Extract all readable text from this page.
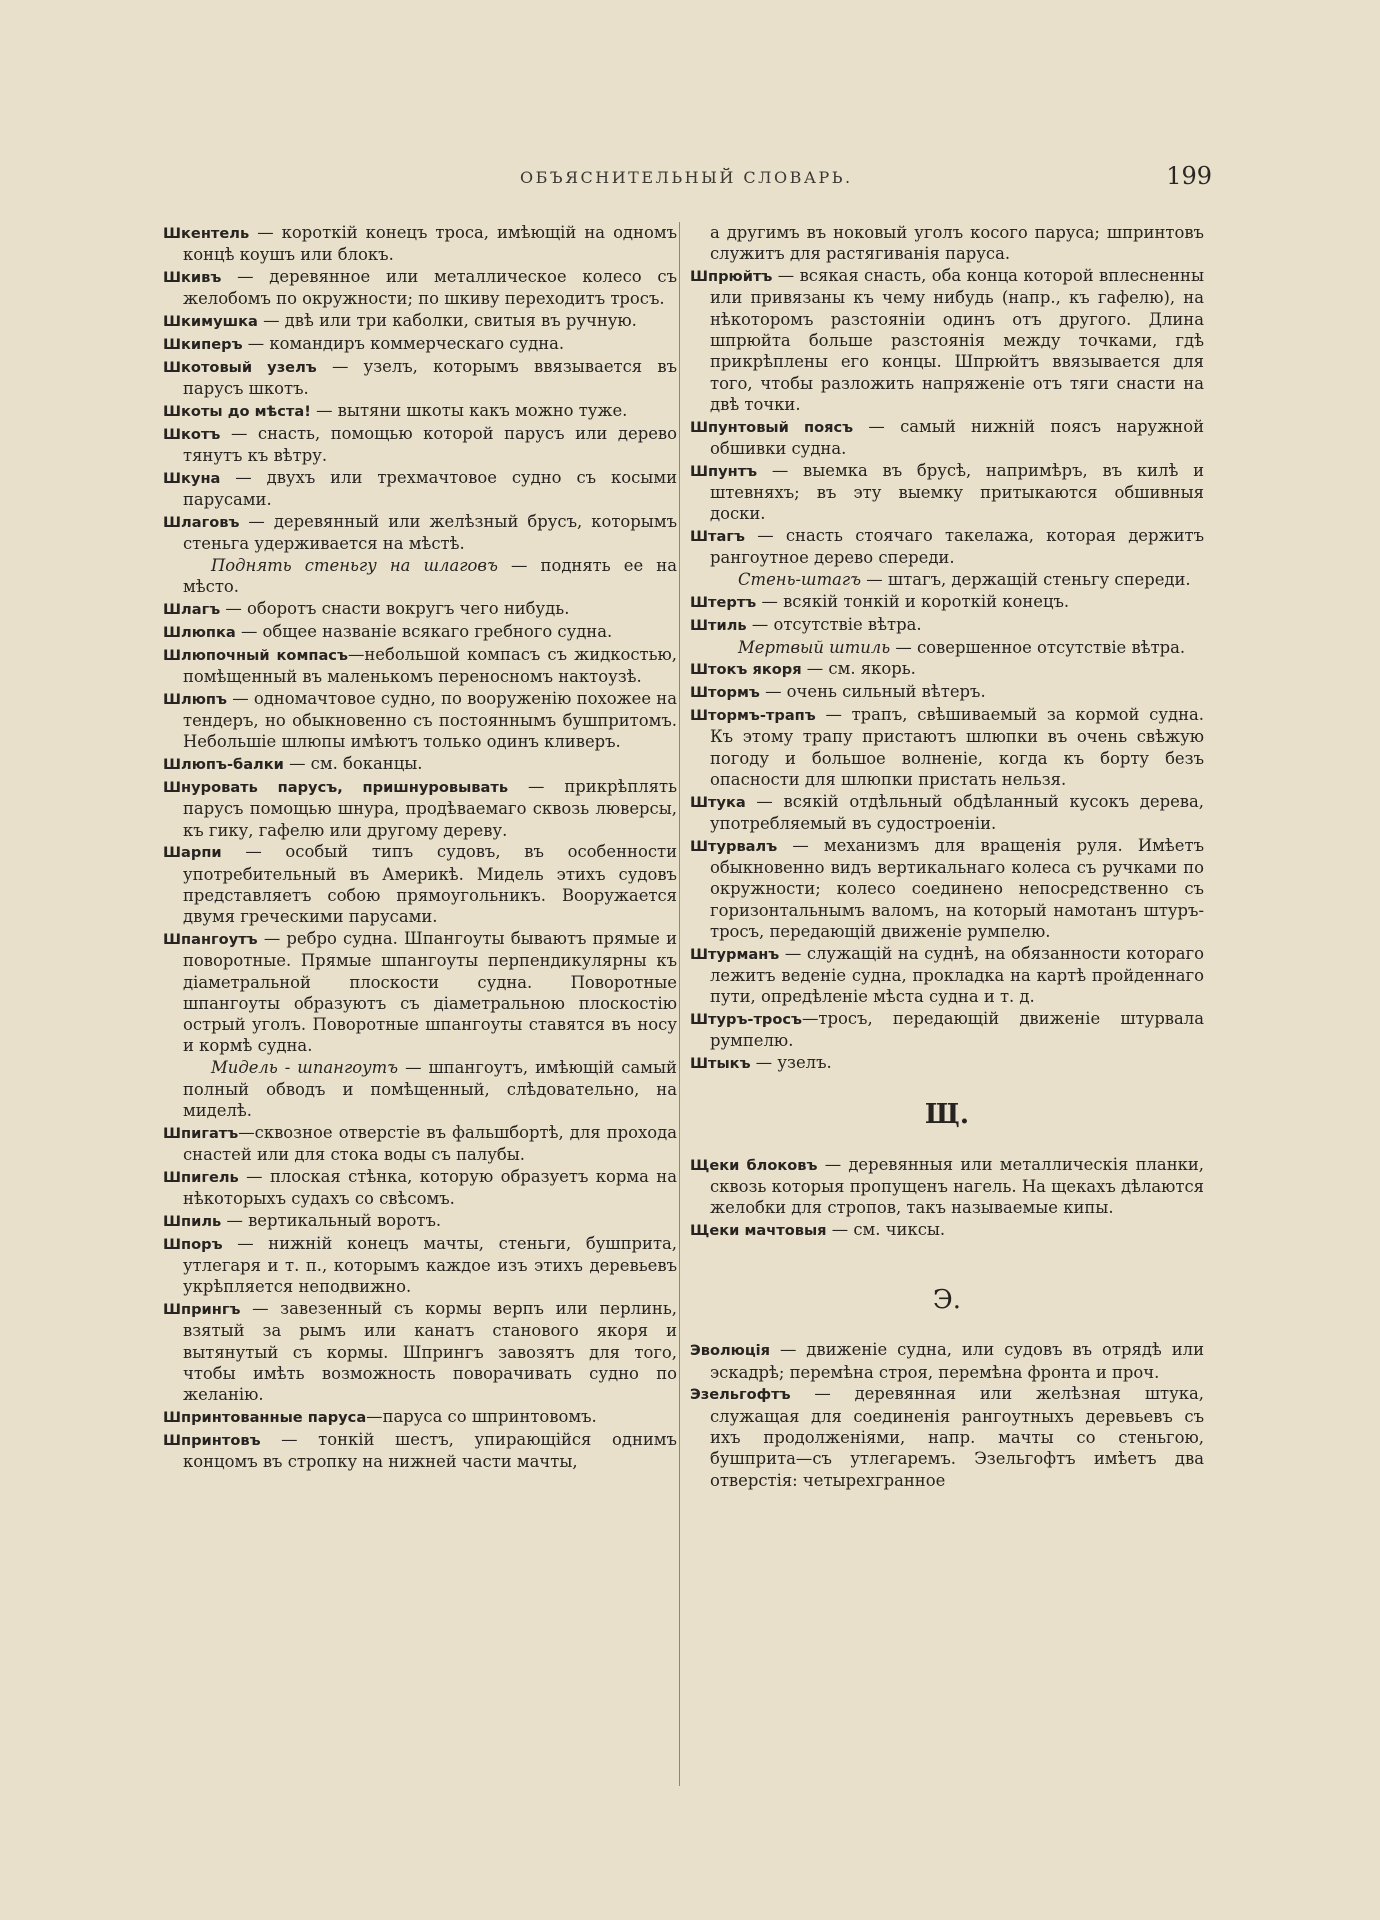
ОБЪЯСНИТЕЛЬНЫЙ СЛОВАРЬ.	199

Шкентель — короткій конецъ троса, имѣющій на одномъ концѣ коушъ или блокъ.

Шкивъ — деревянное или металлическое колесо съ желобомъ по окружности; по шкиву переходитъ тросъ.

Шкимушка — двѣ или три каболки, свитыя въ ручную.

Шкиперъ — командиръ коммерческаго судна.

Шкотовый узелъ — узелъ, которымъ ввязывается въ парусъ шкотъ.

Шкоты до мѣста! — вытяни шкоты какъ можно туже.

Шкотъ — снасть, помощью которой парусъ или дерево тянутъ къ вѣтру.

Шкуна — двухъ или трехмачтовое судно съ косыми парусами.

Шлаговъ — деревянный или желѣзный брусъ, которымъ стеньга удерживается на мѣстѣ.

Поднять стеньгу на шлаговъ — поднять ее на мѣсто.

Шлагъ — оборотъ снасти вокругъ чего нибудь.

Шлюпка — общее названіе всякаго гребного судна.

Шлюпочный компасъ—небольшой компасъ съ жидкостью, помѣщенный въ маленькомъ переносномъ нактоузѣ.

Шлюпъ — одномачтовое судно, по вооруженію похожее на тендеръ, но обыкновенно съ постояннымъ бушпритомъ. Небольшіе шлюпы имѣютъ только одинъ кливеръ.

Шлюпъ-балки — см. боканцы.

Шнуровать парусъ, пришнуровывать — прикрѣплять парусъ помощью шнура, продѣваемаго сквозь люверсы, къ гику, гафелю или другому дереву.

Шарпи — особый типъ судовъ, въ особенности употребительный въ Америкѣ. Мидель этихъ судовъ представляетъ собою прямоугольникъ. Вооружается двумя греческими парусами.

Шпангоутъ — ребро судна. Шпангоуты бываютъ прямые и поворотные. Прямые шпангоуты перпендикулярны къ діаметральной плоскости судна. Поворотные шпангоуты образуютъ съ діаметральною плоскостію острый уголъ. Поворотные шпангоуты ставятся въ носу и кормѣ судна.

Мидель - шпангоутъ — шпангоутъ, имѣющій самый полный обводъ и помѣщенный, слѣдовательно, на миделѣ.

Шпигатъ—сквозное отверстіе въ фальшбортѣ, для прохода снастей или для стока воды съ палубы.

Шпигель — плоская стѣнка, которую образуетъ корма на нѣкоторыхъ судахъ со свѣсомъ.

Шпиль — вертикальный воротъ.

Шпоръ — нижній конецъ мачты, стеньги, бушприта, утлегаря и т. п., которымъ каждое изъ этихъ деревьевъ укрѣпляется неподвижно.

Шпрингъ — завезенный съ кормы верпъ или перлинь, взятый за рымъ или канатъ станового якоря и вытянутый съ кормы. Шпрингъ завозятъ для того, чтобы имѣть возможность поворачивать судно по желанію.

Шпринтованные паруса—паруса со шпринтовомъ.

Шпринтовъ — тонкій шестъ, упирающійся однимъ концомъ въ стропку на нижней части мачты,

а другимъ въ ноковый уголъ косого паруса; шпринтовъ служитъ для растягиванія паруса.

Шпрюйтъ — всякая снасть, оба конца которой вплесненны или привязаны къ чему нибудь (напр., къ гафелю), на нѣкоторомъ разстояніи одинъ отъ другого. Длина шпрюйта больше разстоянія между точками, гдѣ прикрѣплены его концы. Шпрюйтъ ввязывается для того, чтобы разложить напряженіе отъ тяги снасти на двѣ точки.

Шпунтовый поясъ — самый нижній поясъ наружной обшивки судна.

Шпунтъ — выемка въ брусѣ, напримѣръ, въ килѣ и штевняхъ; въ эту выемку притыкаются обшивныя доски.

Штагъ — снасть стоячаго такелажа, которая держитъ рангоутное дерево спереди.

Стень-штагъ — штагъ, держащій стеньгу спереди.

Штертъ — всякій тонкій и короткій конецъ.

Штиль — отсутствіе вѣтра.

Мертвый штиль — совершенное отсутствіе вѣтра.

Штокъ якоря — см. якорь.

Штормъ — очень сильный вѣтеръ.

Штормъ-трапъ — трапъ, свѣшиваемый за кормой судна. Къ этому трапу пристаютъ шлюпки въ очень свѣжую погоду и большое волненіе, когда къ борту безъ опасности для шлюпки пристать нельзя.

Штука — всякій отдѣльный обдѣланный кусокъ дерева, употребляемый въ судостроеніи.

Штурвалъ — механизмъ для вращенія руля. Имѣетъ обыкновенно видъ вертикальнаго колеса съ ручками по окружности; колесо соединено непосредственно съ горизонтальнымъ валомъ, на который намотанъ штуръ-тросъ, передающій движеніе румпелю.

Штурманъ — служащій на суднѣ, на обязанности котораго лежитъ веденіе судна, прокладка на картѣ пройденнаго пути, опредѣленіе мѣста судна и т. д.

Штуръ-тросъ—тросъ, передающій движеніе штурвала румпелю.

Штыкъ — узелъ.

Щ.

Щеки блоковъ — деревянныя или металлическія планки, сквозь которыя пропущенъ нагель. На щекахъ дѣлаются желобки для стропов, такъ называемые кипы.

Щеки мачтовыя — см. чиксы.

Э.

Эволюція — движеніе судна, или судовъ въ отрядѣ или эскадрѣ; перемѣна строя, перемѣна фронта и проч.

Эзельгофтъ — деревянная или желѣзная штука, служащая для соединенія рангоутныхъ деревьевъ съ ихъ продолженіями, напр. мачты со стеньгою, бушприта—съ утлегаремъ. Эзельгофтъ имѣетъ два отверстія: четырехгранное
